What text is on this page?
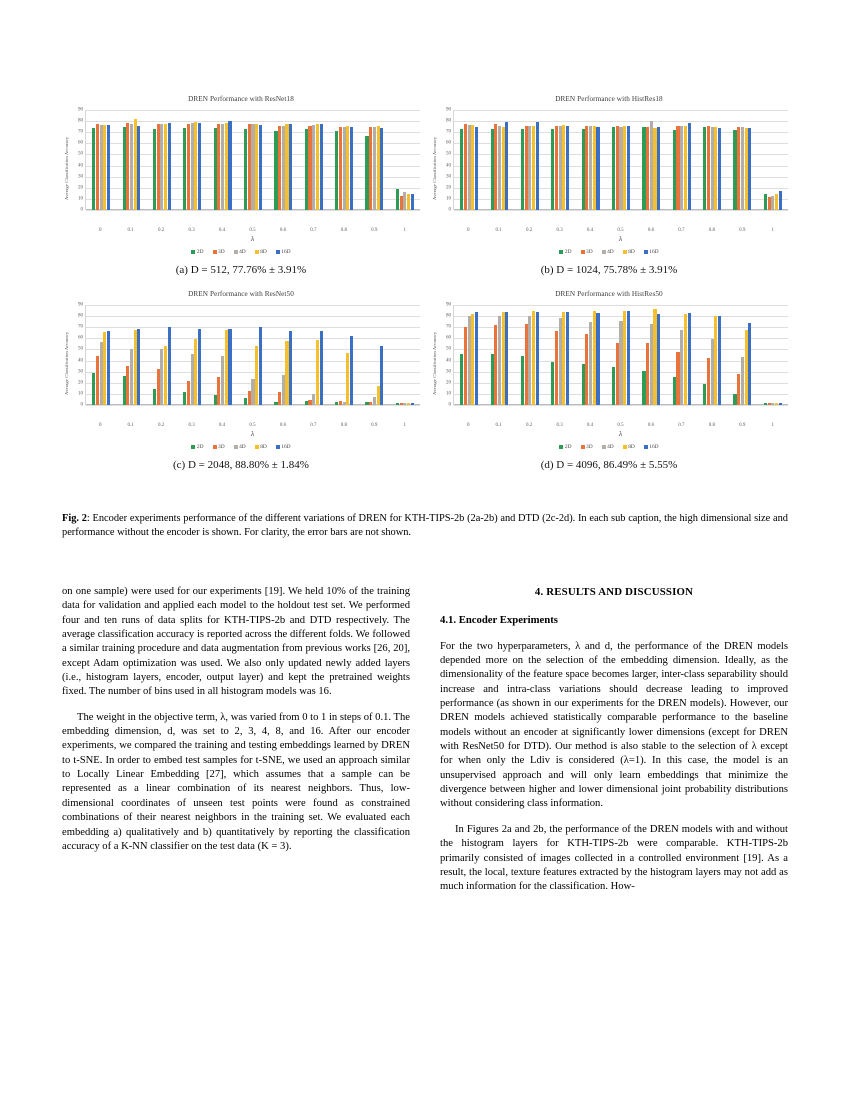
DREN Performance with ResNet18
Average Classification Accuracy
0
10
20
30
40
50
60
70
80
90
0	0.1	0.2	0.3	0.4	0.5	0.6	0.7	0.8	0.9	1
λ
2D	3D	4D	8D	16D
(a) D = 512, 77.76% ± 3.91%
DREN Performance with HistRes18
Average Classification Accuracy
0
10
20
30
40
50
60
70
80
90
0	0.1	0.2	0.3	0.4	0.5	0.6	0.7	0.8	0.9	1
λ
2D	3D	4D	8D	16D
(b) D = 1024, 75.78% ± 3.91%
DREN Performance with ResNet50
Average Classification Accuracy
0
10
20
30
40
50
60
70
80
90
0	0.1	0.2	0.3	0.4	0.5	0.6	0.7	0.8	0.9	1
λ
2D	3D	4D	8D	16D
(c) D = 2048, 88.80% ± 1.84%
DREN Performance with HistRes50
Average Classification Accuracy
0
10
20
30
40
50
60
70
80
90
0	0.1	0.2	0.3	0.4	0.5	0.6	0.7	0.8	0.9	1
λ
2D	3D	4D	8D	16D
(d) D = 4096, 86.49% ± 5.55%
Fig. 2: Encoder experiments performance of the different variations of DREN for KTH-TIPS-2b (2a-2b) and DTD (2c-2d). In each sub caption, the high dimensional size and performance without the encoder is shown. For clarity, the error bars are not shown.

on one sample) were used for our experiments [19]. We held 10% of the training data for validation and applied each model to the holdout test set. We performed four and ten runs of data splits for KTH-TIPS-2b and DTD respectively. The average classification accuracy is reported across the different folds. We followed a similar training procedure and data augmentation from previous works [26, 20], except Adam optimization was used. We also only updated newly added layers (i.e., histogram layers, encoder, output layer) and kept the pretrained weights fixed. The number of bins used in all histogram models was 16.

The weight in the objective term, λ, was varied from 0 to 1 in steps of 0.1. The embedding dimension, d, was set to 2, 3, 4, 8, and 16. After our encoder experiments, we compared the training and testing embeddings learned by DREN to t-SNE. In order to embed test samples for t-SNE, we used an approach similar to Locally Linear Embedding [27], which assumes that a sample can be represented as a linear combination of its nearest neighbors. Thus, low-dimensional coordinates of unseen test points were found as constrained combinations of their nearest neighbors in the training set. We evaluated each embedding a) qualitatively and b) quantitatively by reporting the classification accuracy of a K-NN classifier on the test data (K = 3).

4. RESULTS AND DISCUSSION
4.1. Encoder Experiments

For the two hyperparameters, λ and d, the performance of the DREN models depended more on the selection of the embedding dimension. Ideally, as the dimensionality of the feature space becomes larger, inter-class separability should increase and intra-class variations should decrease leading to improved performance (as shown in our experiments for the DREN models). However, our DREN models achieved statistically comparable performance to the baseline models without an encoder at significantly lower dimensions (except for DREN with ResNet50 for DTD). Our method is also stable to the selection of λ except for when only the Ldiv is considered (λ=1). In this case, the model is an unsupervised approach and will only learn embeddings that minimize the divergence between higher and lower dimensional joint probability distributions without considering class information.

In Figures 2a and 2b, the performance of the DREN models with and without the histogram layers for KTH-TIPS-2b were comparable. KTH-TIPS-2b primarily consisted of images collected in a controlled environment [19]. As a result, the local, texture features extracted by the histogram layers may not add as much information for the classification. How-
